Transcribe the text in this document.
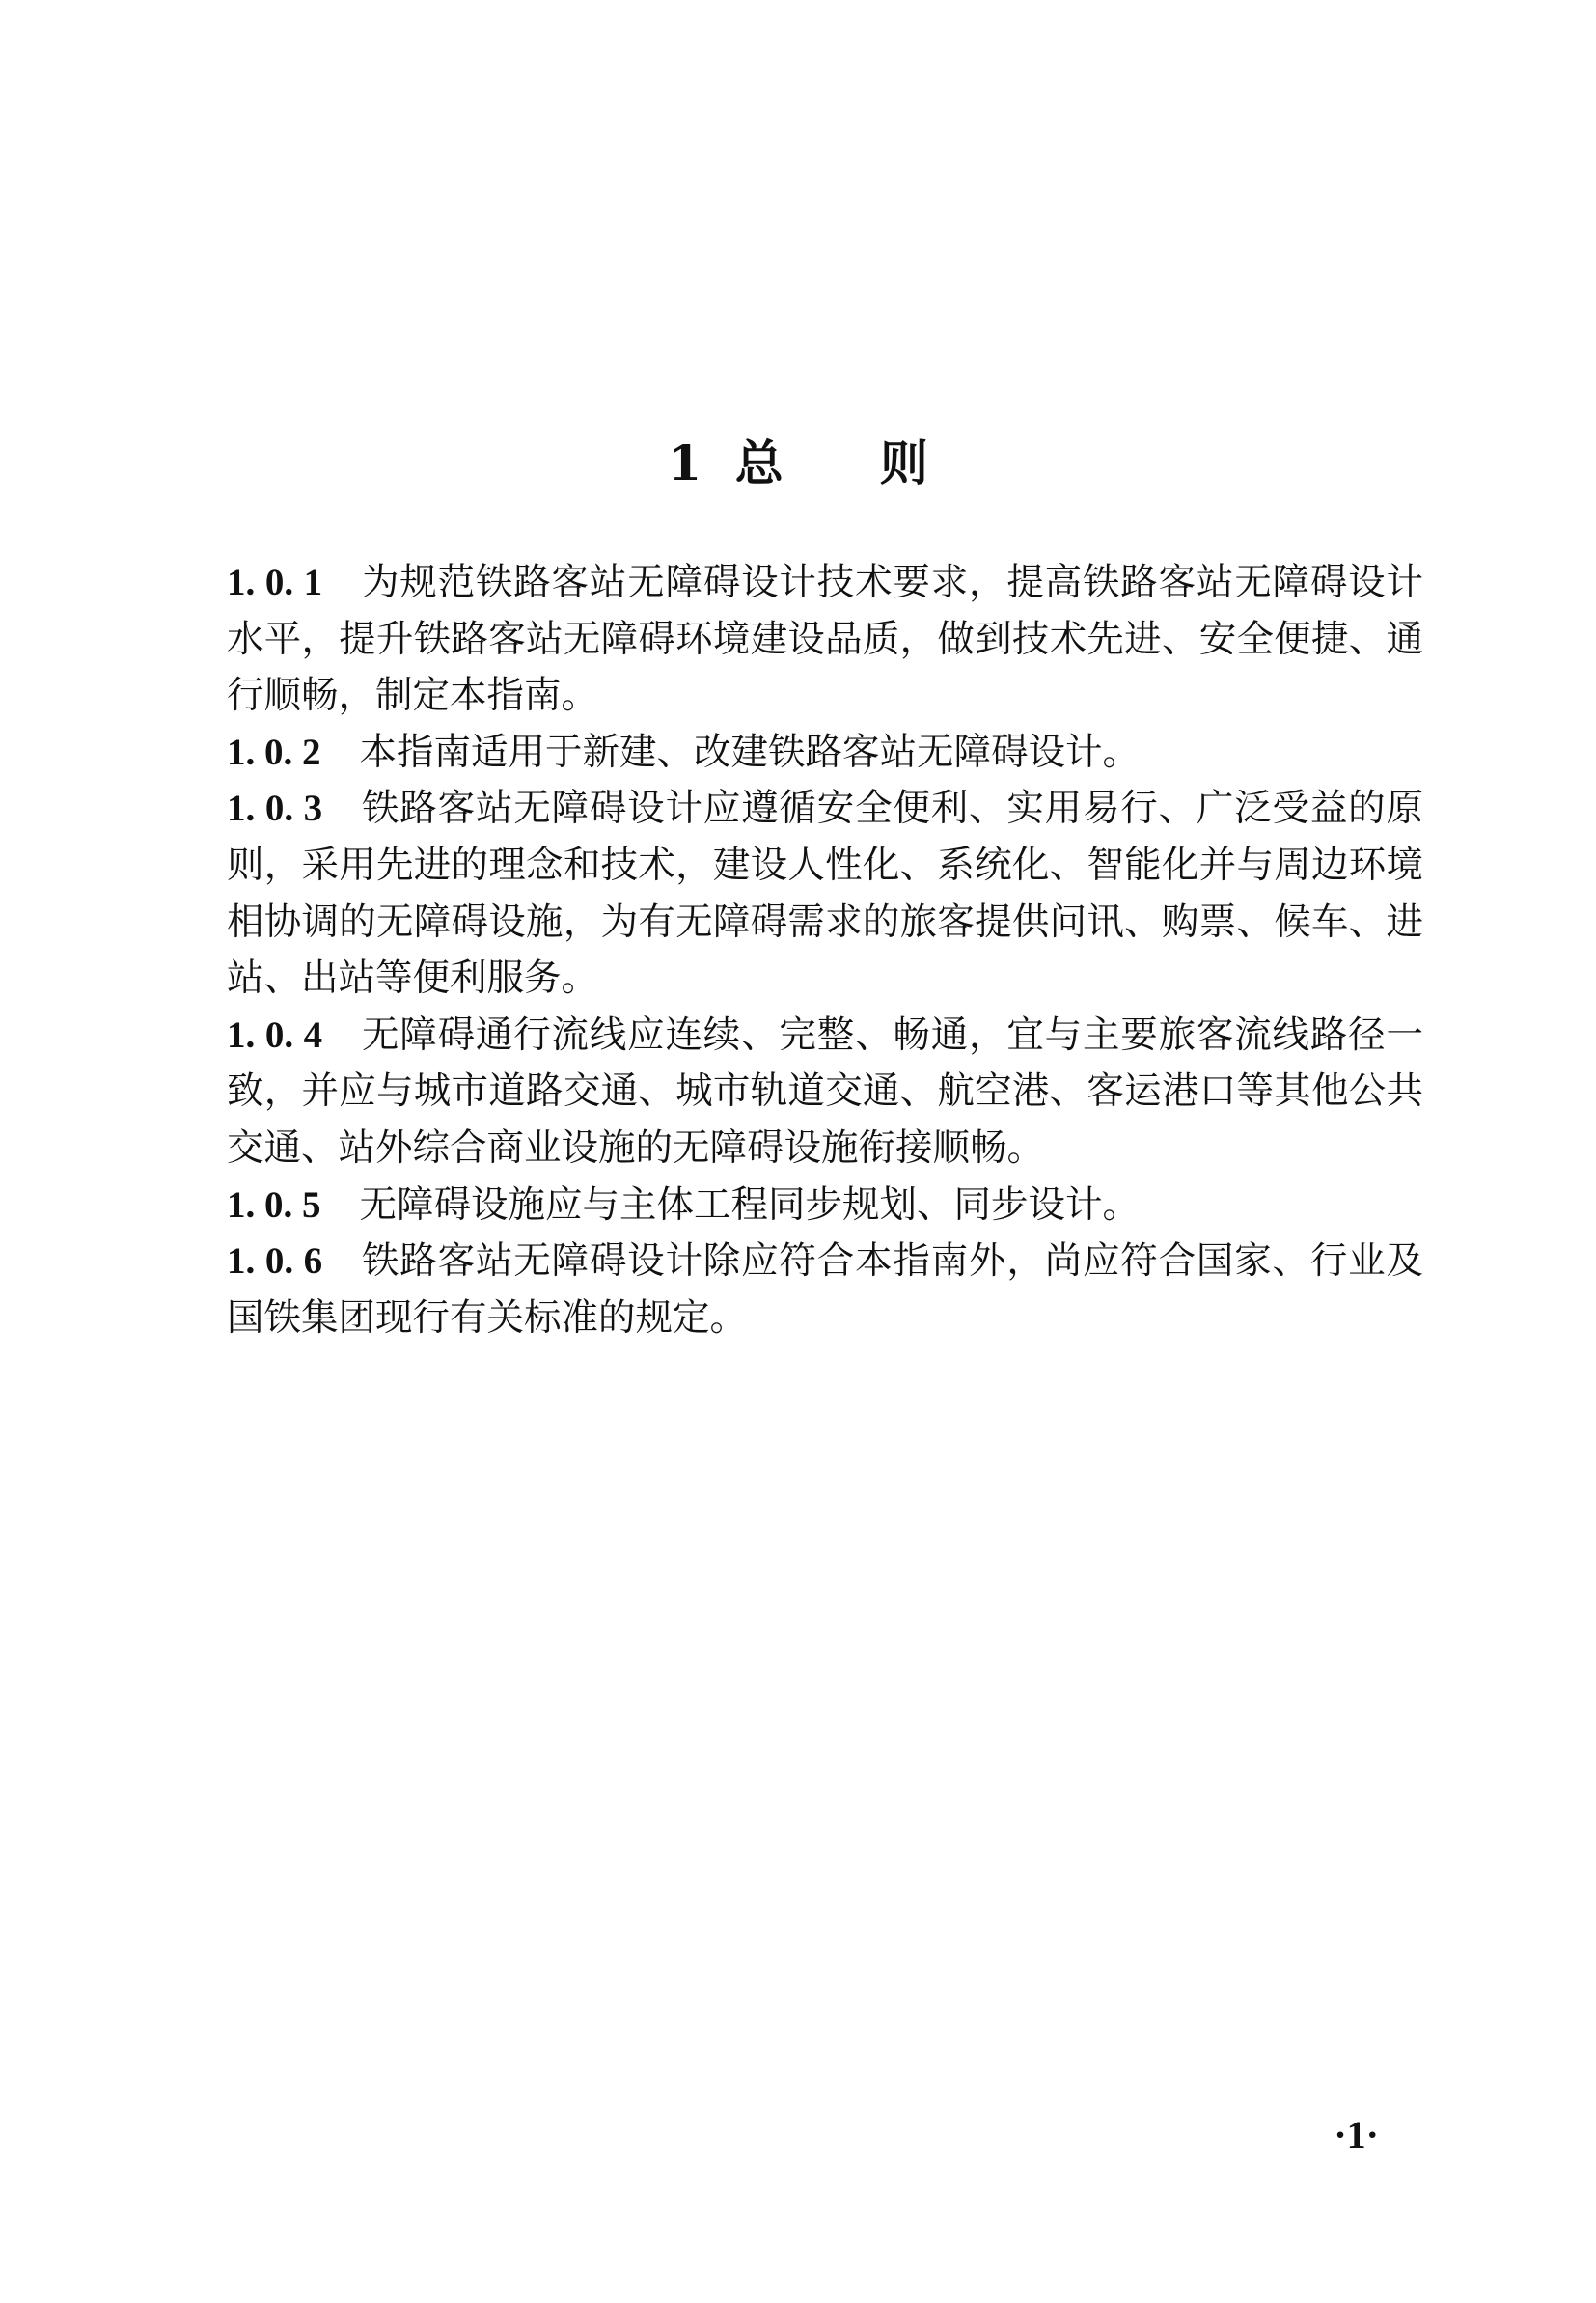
1  总　　则

1. 0. 1 为规范铁路客站无障碍设计技术要求，提高铁路客站无障碍设计水平，提升铁路客站无障碍环境建设品质，做到技术先进、安全便捷、通行顺畅，制定本指南。

1. 0. 2 本指南适用于新建、改建铁路客站无障碍设计。

1. 0. 3 铁路客站无障碍设计应遵循安全便利、实用易行、广泛受益的原则，采用先进的理念和技术，建设人性化、系统化、智能化并与周边环境相协调的无障碍设施，为有无障碍需求的旅客提供问讯、购票、候车、进站、出站等便利服务。

1. 0. 4 无障碍通行流线应连续、完整、畅通，宜与主要旅客流线路径一致，并应与城市道路交通、城市轨道交通、航空港、客运港口等其他公共交通、站外综合商业设施的无障碍设施衔接顺畅。

1. 0. 5 无障碍设施应与主体工程同步规划、同步设计。

1. 0. 6 铁路客站无障碍设计除应符合本指南外，尚应符合国家、行业及国铁集团现行有关标准的规定。

·1·
